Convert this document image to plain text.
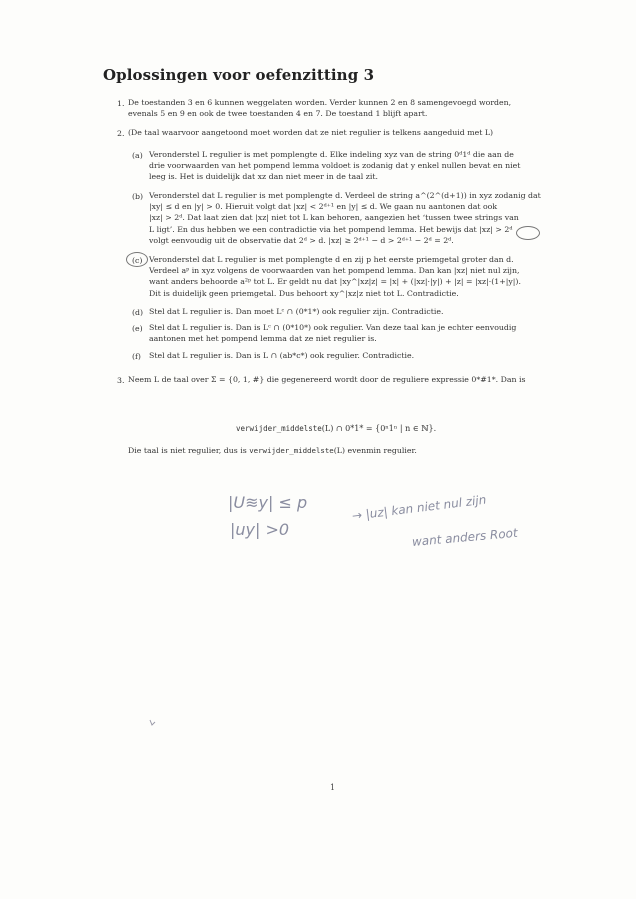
Oplossingen voor oefenzitting 3
1. De toestanden 3 en 6 kunnen weggelaten worden. Verder kunnen 2 en 8 samengevoegd worden,
evenals 5 en 9 en ook de twee toestanden 4 en 7. De toestand 1 blijft apart.
2. (De taal waarvoor aangetoond moet worden dat ze niet regulier is telkens aangeduid met L)
(a) Veronderstel L regulier is met pomplengte d. Elke indeling xyz van de string 0ᵈ1ᵈ die aan de
drie voorwaarden van het pompend lemma voldoet is zodanig dat y enkel nullen bevat en niet
leeg is. Het is duidelijk dat xz dan niet meer in de taal zit.
(b) Veronderstel dat L regulier is met pomplengte d. Verdeel de string a^(2^(d+1)) in xyz zodanig dat
|xy| ≤ d en |y| > 0. Hieruit volgt dat |xz| < 2ᵈ⁺¹ en |y| ≤ d. We gaan nu aantonen dat ook
|xz| > 2ᵈ. Dat laat zien dat |xz| niet tot L kan behoren, aangezien het ‘tussen twee strings van
L ligt’. En dus hebben we een contradictie via het pompend lemma. Het bewijs dat |xz| > 2ᵈ
volgt eenvoudig uit de observatie dat 2ᵈ > d. |xz| ≥ 2ᵈ⁺¹ − d > 2ᵈ⁺¹ − 2ᵈ = 2ᵈ.
(c) Veronderstel dat L regulier is met pomplengte d en zij p het eerste priemgetal groter dan d.
Verdeel aᵖ in xyz volgens de voorwaarden van het pompend lemma. Dan kan |xz| niet nul zijn,
want anders behoorde a²ᵖ tot L. Er geldt nu dat |xy^|xz|z| = |x| + (|xz|·|y|) + |z| = |xz|·(1+|y|).
Dit is duidelijk geen priemgetal. Dus behoort xy^|xz|z niet tot L. Contradictie.
(d) Stel dat L regulier is. Dan moet Lᶜ ∩ (0*1*) ook regulier zijn. Contradictie.
(e) Stel dat L regulier is. Dan is Lᶜ ∩ (0*10*) ook regulier. Van deze taal kan je echter eenvoudig
aantonen met het pompend lemma dat ze niet regulier is.
(f) Stel dat L regulier is. Dan is L ∩ (ab*c*) ook regulier. Contradictie.
3. Neem L de taal over Σ = {0, 1, #} die gegenereerd wordt door de reguliere expressie 0*#1*. Dan is
verwijder_middelste(L) ∩ 0*1* = {0ⁿ1ⁿ | n ∈ ℕ}.
Die taal is niet regulier, dus is verwijder_middelste(L) evenmin regulier.
|U≋y| ≤ p
|uy| >0
→ |uz| kan niet nul zijn
want anders Root
1
